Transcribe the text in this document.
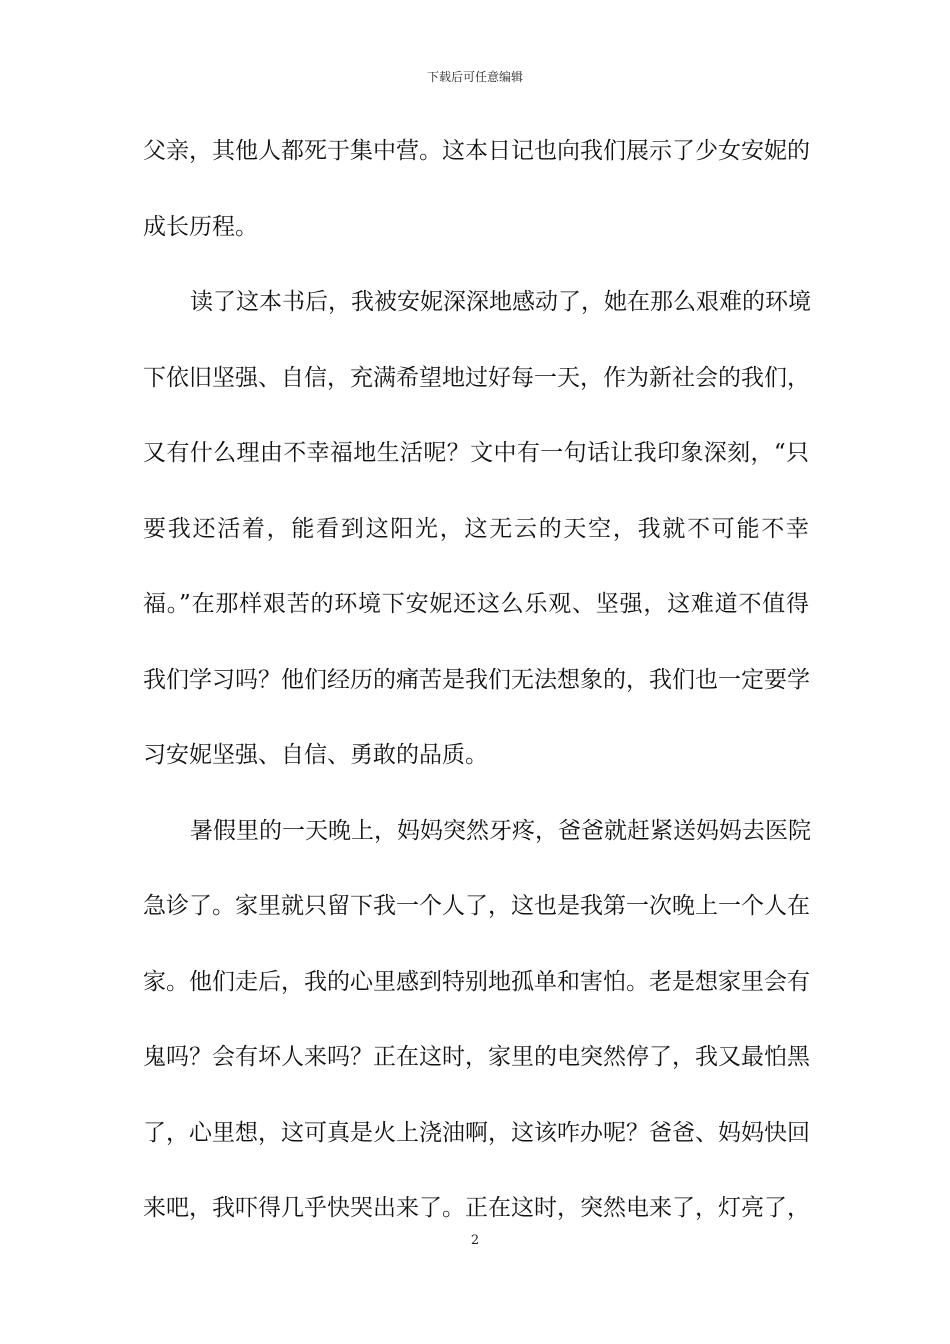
下载后可任意编辑
父亲，其他人都死于集中营。这本日记也向我们展示了少女安妮的
成长历程。
读了这本书后，我被安妮深深地感动了，她在那么艰难的环境
下依旧坚强、自信，充满希望地过好每一天，作为新社会的我们，
又有什么理由不幸福地生活呢？文中有一句话让我印象深刻，“只
要我还活着，能看到这阳光，这无云的天空，我就不可能不幸
福。”在那样艰苦的环境下安妮还这么乐观、坚强，这难道不值得
我们学习吗？他们经历的痛苦是我们无法想象的，我们也一定要学
习安妮坚强、自信、勇敢的品质。
暑假里的一天晚上，妈妈突然牙疼，爸爸就赶紧送妈妈去医院
急诊了。家里就只留下我一个人了，这也是我第一次晚上一个人在
家。他们走后，我的心里感到特别地孤单和害怕。老是想家里会有
鬼吗？会有坏人来吗？正在这时，家里的电突然停了，我又最怕黑
了，心里想，这可真是火上浇油啊，这该咋办呢？爸爸、妈妈快回
来吧，我吓得几乎快哭出来了。正在这时，突然电来了，灯亮了，
2
